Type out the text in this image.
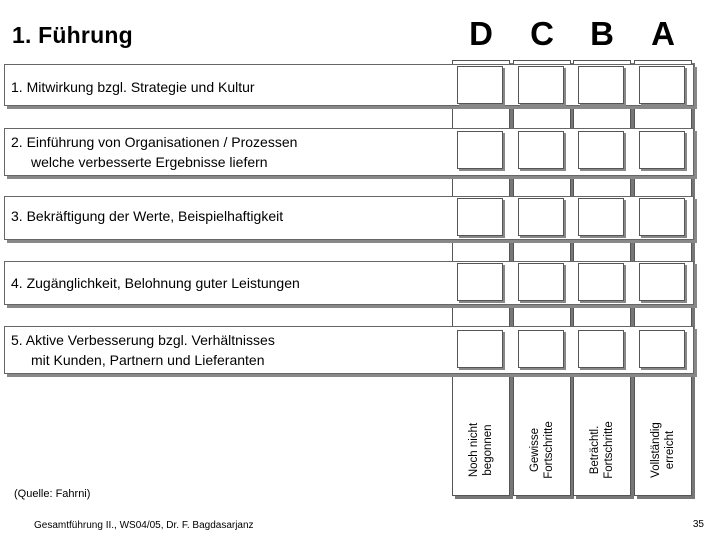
1. Führung	D	C	B	A
1. Mitwirkung bzgl. Strategie und Kultur
2. Einführung von Organisationen / Prozessen
welche verbesserte Ergebnisse liefern
3. Bekräftigung der Werte, Beispielhaftigkeit
4. Zugänglichkeit, Belohnung guter Leistungen
5. Aktive Verbesserung bzgl. Verhältnisses
mit Kunden, Partnern und Lieferanten
Noch nicht begonnen	Gewisse Fortschritte	Beträchtl. Fortschritte	Vollständig erreicht
(Quelle: Fahrni)
Gesamtführung II., WS04/05, Dr. F. Bagdasarjanz	35
